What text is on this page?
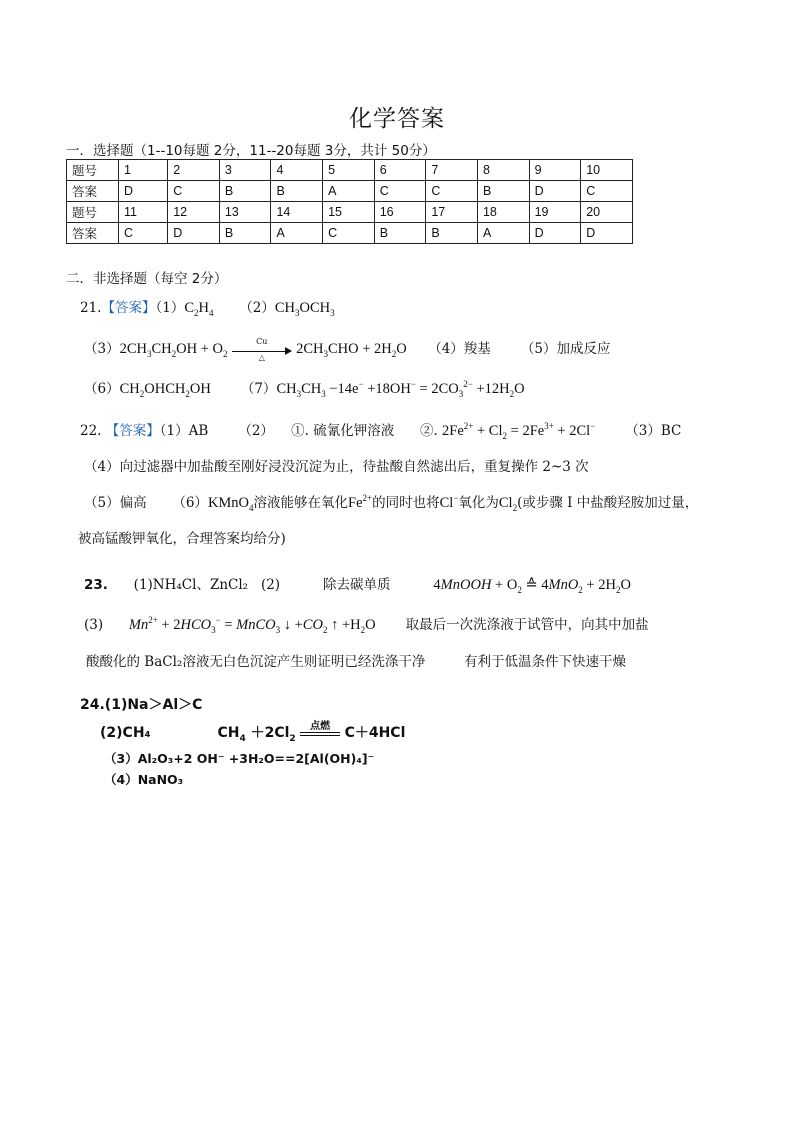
化学答案
一．选择题（1--10每题 2分，11--20每题 3分，共计 50分）
题号	1	2	3	4	5	6	7	8	9	10
答案	D	C	B	B	A	C	C	B	D	C
题号	11	12	13	14	15	16	17	18	19	20
答案	C	D	B	A	C	B	B	A	D	D
二．非选择题（每空 2分）
21.【答案】$(1)C_2H_4$ $(2)CH_3OCH_3$
$(3)2CH_3CH_2OH + O_2$
Cu
△	$2CH_3CHO + 2H_2O$ （4）羧基 （5）加成反应
$(6)CH_2OHCH_2OH$ $(7)CH_3CH_3 -14e^- +18OH^- = 2CO_3^{2-} +12H_2O$
22. 【答案】（1）AB （2） ①. 硫氰化钾溶液 ②. $2Fe^{2+} + Cl_2 = 2Fe^{3+} + 2Cl^-$ （3）BC
（4）向过滤器中加盐酸至刚好浸没沉淀为止，待盐酸自然滤出后，重复操作 2~3 次
（5）偏高 （6）KMnO$_4$溶液能够在氧化$Fe^{2+}$的同时也将Cl−氧化为$Cl_2$(或步骤 I 中盐酸羟胺加过量，
被高锰酸钾氧化，合理答案均给分)
23. (1)NH₄Cl、ZnCl₂ (2)	除去碳单质	4MnOOH + $O_2$ ≙ $4MnO_2 + 2H_2O$
(3) $Mn^{2+} + 2HCO_3^-$ = MnCO$_3$ ↓ $+CO_2$ ↑ $+H_2O$ 取最后一次洗涤液于试管中，向其中加盐
酸酸化的 BaCl₂溶液无白色沉淀产生则证明已经洗涤干净	有利于低温条件下快速干燥
24.(1)Na＞Al＞C
(2)CH₄	$CH_4 +2Cl_2$
点燃	C＋4HCl
（3）Al₂O₃+2 OH⁻ +3H₂O==2[Al(OH)₄]⁻
（4）NaNO₃
